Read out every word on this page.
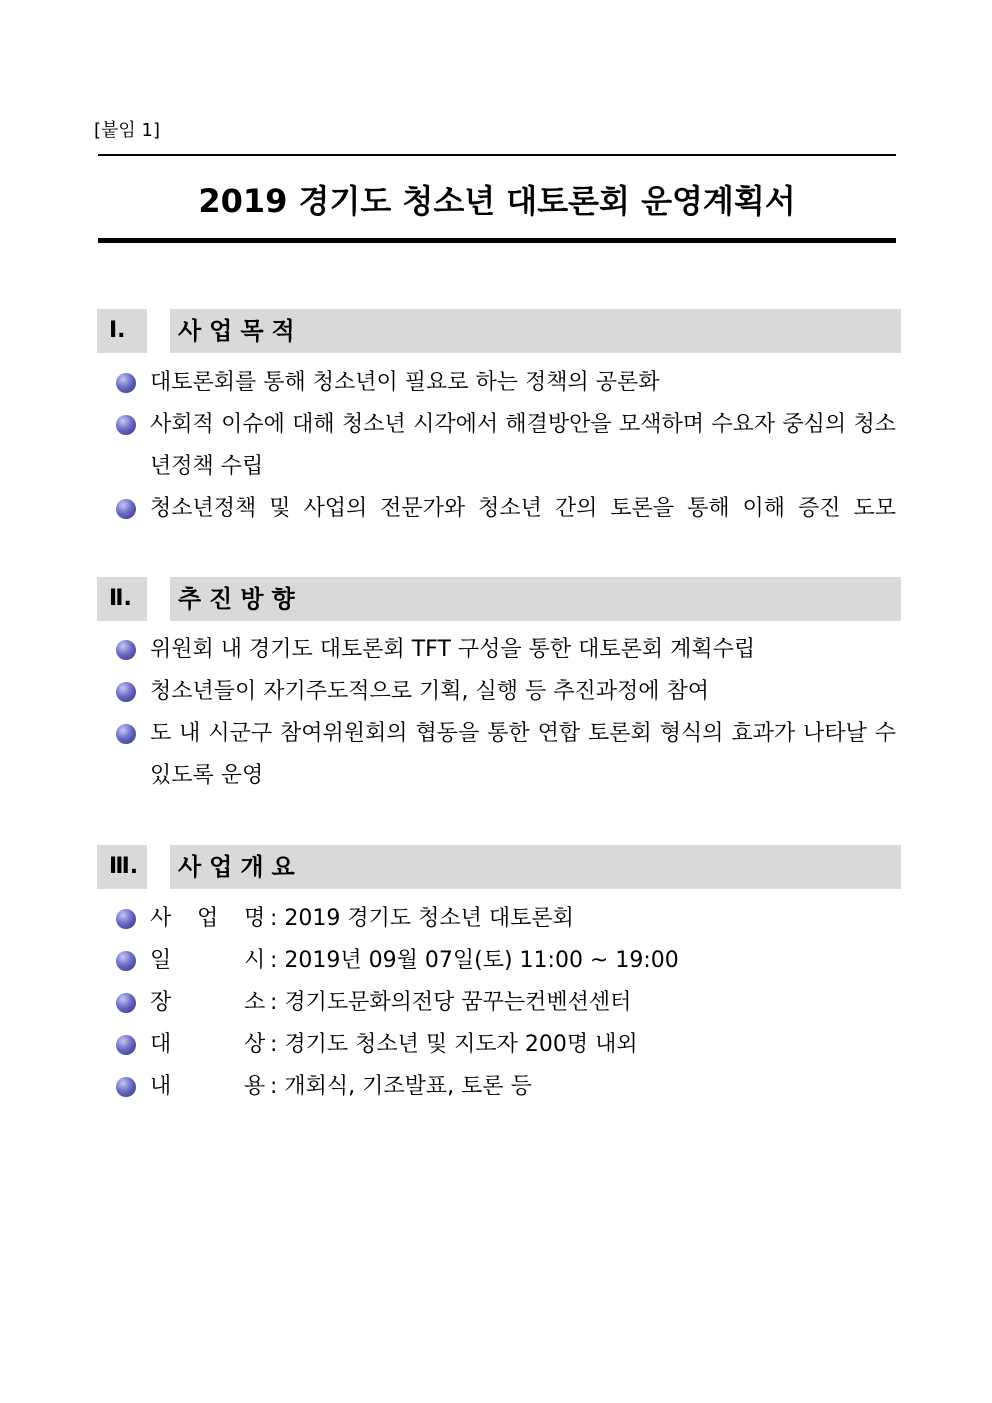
[붙임 1]
2019 경기도 청소년 대토론회 운영계획서
Ⅰ.	사업목적
대토론회를 통해 청소년이 필요로 하는 정책의 공론화
사회적 이슈에 대해 청소년 시각에서 해결방안을 모색하며 수요자 중심의 청소년정책 수립
청소년정책 및 사업의 전문가와 청소년 간의 토론을 통해 이해 증진 도모
Ⅱ.	추진방향
위원회 내 경기도 대토론회 TFT 구성을 통한 대토론회 계획수립
청소년들이 자기주도적으로 기획, 실행 등 추진과정에 참여
도 내 시군구 참여위원회의 협동을 통한 연합 토론회 형식의 효과가 나타날 수 있도록 운영
Ⅲ.	사업개요
사 업 명 : 2019 경기도 청소년 대토론회
일	시 : 2019년 09월 07일(토) 11:00 ~ 19:00
장	소 : 경기도문화의전당 꿈꾸는컨벤션센터
대	상 : 경기도 청소년 및 지도자 200명 내외
내	용 : 개회식, 기조발표, 토론 등
